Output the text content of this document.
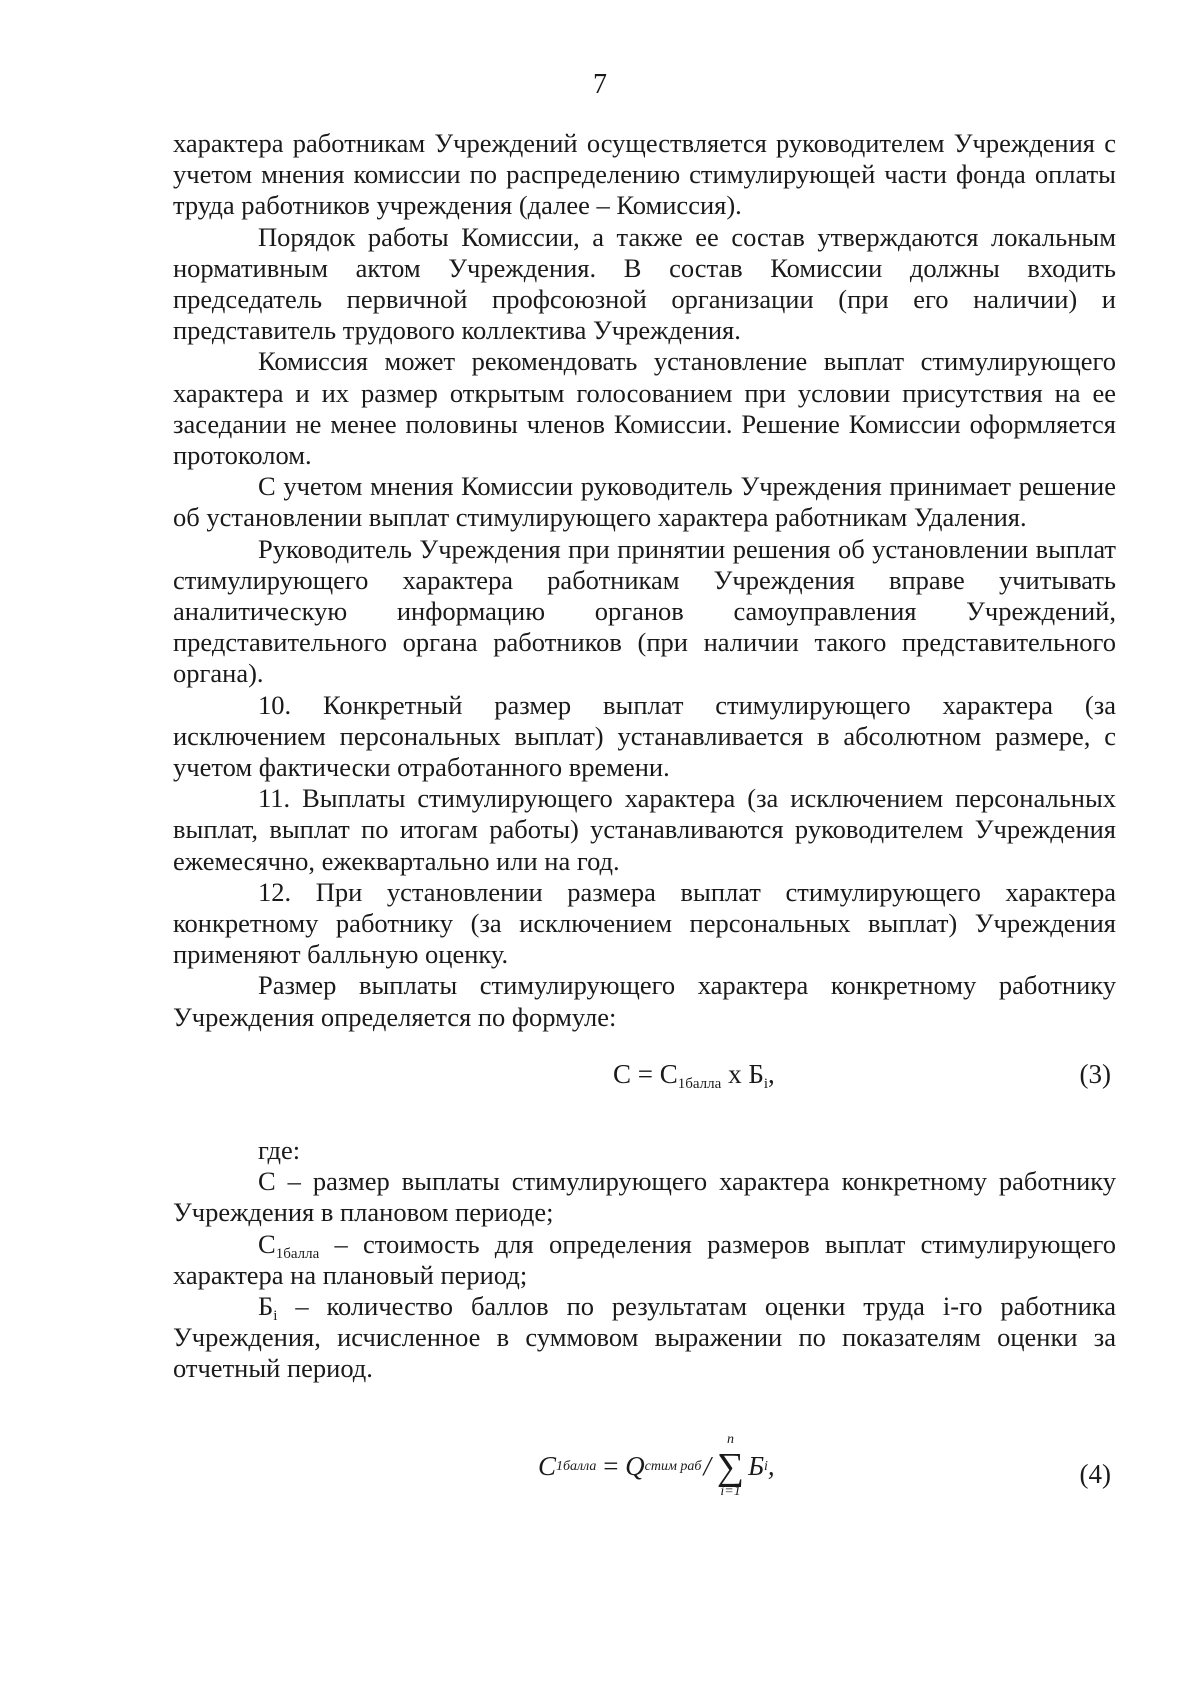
7

характера работникам Учреждений осуществляется руководителем Учреждения с учетом мнения комиссии по распределению стимулирующей части фонда оплаты труда работников учреждения (далее – Комиссия).

Порядок работы Комиссии, а также ее состав утверждаются локальным нормативным актом Учреждения. В состав Комиссии должны входить председатель первичной профсоюзной организации (при его наличии) и представитель трудового коллектива Учреждения.

Комиссия может рекомендовать установление выплат стимулирующего характера и их размер открытым голосованием при условии присутствия на ее заседании не менее половины членов Комиссии. Решение Комиссии оформляется протоколом.

С учетом мнения Комиссии руководитель Учреждения принимает решение об установлении выплат стимулирующего характера работникам Удаления.

Руководитель Учреждения при принятии решения об установлении выплат стимулирующего характера работникам Учреждения вправе учитывать аналитическую информацию органов самоуправления Учреждений, представительного органа работников (при наличии такого представительного органа).

10. Конкретный размер выплат стимулирующего характера (за исключением персональных выплат) устанавливается в абсолютном размере, с учетом фактически отработанного времени.

11. Выплаты стимулирующего характера (за исключением персональных выплат, выплат по итогам работы) устанавливаются руководителем Учреждения ежемесячно, ежеквартально или на год.

12. При установлении размера выплат стимулирующего характера конкретному работнику (за исключением персональных выплат) Учреждения применяют балльную оценку.

Размер выплаты стимулирующего характера конкретному работнику Учреждения определяется по формуле:

$С = С_{1балла}$ х $Б_i$,	(3)

где:

С – размер выплаты стимулирующего характера конкретному работнику Учреждения в плановом периоде;

$С_{1балла}$ – стоимость для определения размеров выплат стимулирующего характера на плановый период;

$Б_i$ – количество баллов по результатам оценки труда i-го работника Учреждения, исчисленное в суммовом выражении по показателям оценки за отчетный период.

C 1балла = Q стим раб /
n
∑
i=1
Б i ,	(4)
